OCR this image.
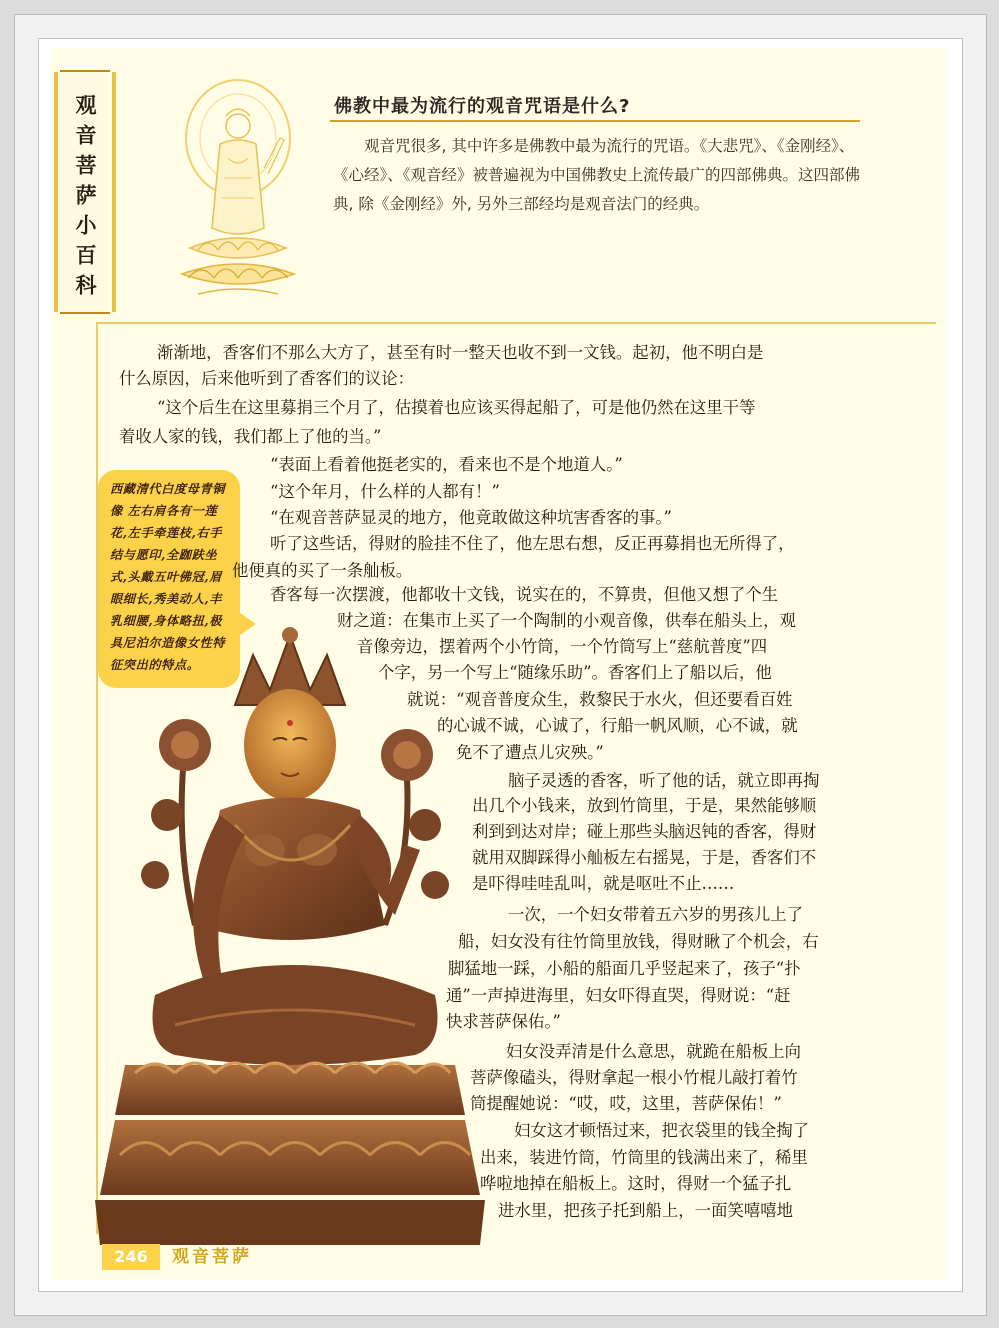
观音菩萨小百科	佛教中最为流行的观音咒语是什么?

观音咒很多, 其中许多是佛教中最为流行的咒语。《大悲咒》、《金刚经》、《心经》、《观音经》被普遍视为中国佛教史上流传最广的四部佛典。这四部佛典, 除《金刚经》外, 另外三部经均是观音法门的经典。

西藏清代白度母青铜像 左右肩各有一莲花,左手牵莲枝,右手结与愿印,全跏趺坐式,头戴五叶佛冠,眉眼细长,秀美动人,丰乳细腰,身体略扭,极具尼泊尔造像女性特征突出的特点。

渐渐地，香客们不那么大方了，甚至有时一整天也收不到一文钱。起初，他不明白是

什么原因，后来他听到了香客们的议论：

“这个后生在这里募捐三个月了，估摸着也应该买得起船了，可是他仍然在这里干等

着收人家的钱，我们都上了他的当。”

“表面上看着他挺老实的，看来也不是个地道人。”

“这个年月，什么样的人都有！”

“在观音菩萨显灵的地方，他竟敢做这种坑害香客的事。”

听了这些话，得财的脸挂不住了，他左思右想，反正再募捐也无所得了，

他便真的买了一条舢板。

香客每一次摆渡，他都收十文钱，说实在的，不算贵，但他又想了个生

财之道：在集市上买了一个陶制的小观音像，供奉在船头上，观

音像旁边，摆着两个小竹筒，一个竹筒写上“慈航普度”四

个字，另一个写上“随缘乐助”。香客们上了船以后，他

就说：“观音普度众生，救黎民于水火，但还要看百姓

的心诚不诚，心诚了，行船一帆风顺，心不诚，就

免不了遭点儿灾殃。”

脑子灵透的香客，听了他的话，就立即再掏

出几个小钱来，放到竹筒里，于是，果然能够顺

利到到达对岸；碰上那些头脑迟钝的香客，得财

就用双脚踩得小舢板左右摇晃，于是，香客们不

是吓得哇哇乱叫，就是呕吐不止……

一次，一个妇女带着五六岁的男孩儿上了

船，妇女没有往竹筒里放钱，得财瞅了个机会，右

脚猛地一踩，小船的船面几乎竖起来了，孩子“扑

通”一声掉进海里，妇女吓得直哭，得财说：“赶

快求菩萨保佑。”

妇女没弄清是什么意思，就跪在船板上向

菩萨像磕头，得财拿起一根小竹棍儿敲打着竹

筒提醒她说：“哎，哎，这里，菩萨保佑！”

妇女这才顿悟过来，把衣袋里的钱全掏了

出来，装进竹筒，竹筒里的钱满出来了，稀里

哗啦地掉在船板上。这时，得财一个猛子扎

进水里，把孩子托到船上，一面笑嘻嘻地

246	观音菩萨
